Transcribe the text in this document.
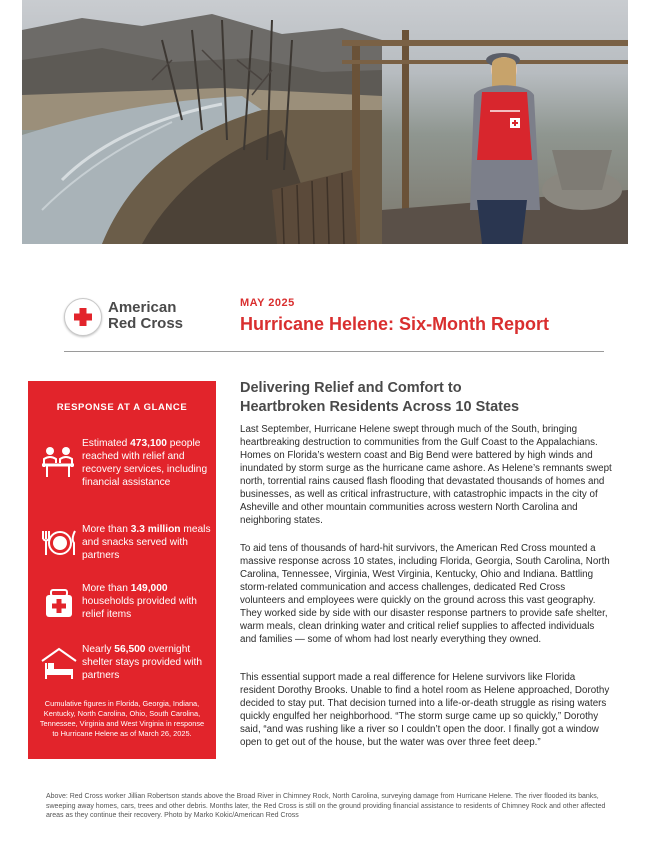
American
Red Cross
MAY 2025
Hurricane Helene: Six-Month Report
RESPONSE AT A GLANCE
Estimated 473,100 people reached with relief and recovery services, including financial assistance
More than 3.3 million meals and snacks served with partners
More than 149,000 households provided with relief items
Nearly 56,500 overnight shelter stays provided with partners
Cumulative figures in Florida, Georgia, Indiana, Kentucky, North Carolina, Ohio, South Carolina, Tennessee, Virginia and West Virginia in response to Hurricane Helene as of March 26, 2025.
Delivering Relief and Comfort to
Heartbroken Residents Across 10 States

Last September, Hurricane Helene swept through much of the South, bringing heartbreaking destruction to communities from the Gulf Coast to the Appalachians. Homes on Florida’s western coast and Big Bend were battered by high winds and inundated by storm surge as the hurricane came ashore. As Helene’s remnants swept north, torrential rains caused flash flooding that devastated thousands of homes and businesses, as well as critical infrastructure, with catastrophic impacts in the city of Asheville and other mountain communities across western North Carolina and neighboring states.

To aid tens of thousands of hard-hit survivors, the American Red Cross mounted a massive response across 10 states, including Florida, Georgia, South Carolina, North Carolina, Tennessee, Virginia, West Virginia, Kentucky, Ohio and Indiana. Battling storm-related communication and access challenges, dedicated Red Cross volunteers and employees were quickly on the ground across this vast geography. They worked side by side with our disaster response partners to provide safe shelter, warm meals, clean drinking water and critical relief supplies to affected individuals and families — some of whom had lost nearly everything they owned.

This essential support made a real difference for Helene survivors like Florida resident Dorothy Brooks. Unable to find a hotel room as Helene approached, Dorothy decided to stay put. That decision turned into a life-or-death struggle as rising waters quickly engulfed her neighborhood. “The storm surge came up so quickly,” Dorothy said, “and was rushing like a river so I couldn’t open the door. I finally got a window open to get out of the house, but the water was over three feet deep.”

Above: Red Cross worker Jillian Robertson stands above the Broad River in Chimney Rock, North Carolina, surveying damage from Hurricane Helene. The river flooded its banks, sweeping away homes, cars, trees and other debris. Months later, the Red Cross is still on the ground providing financial assistance to residents of Chimney Rock and other affected areas as they continue their recovery. Photo by Marko Kokic/American Red Cross
